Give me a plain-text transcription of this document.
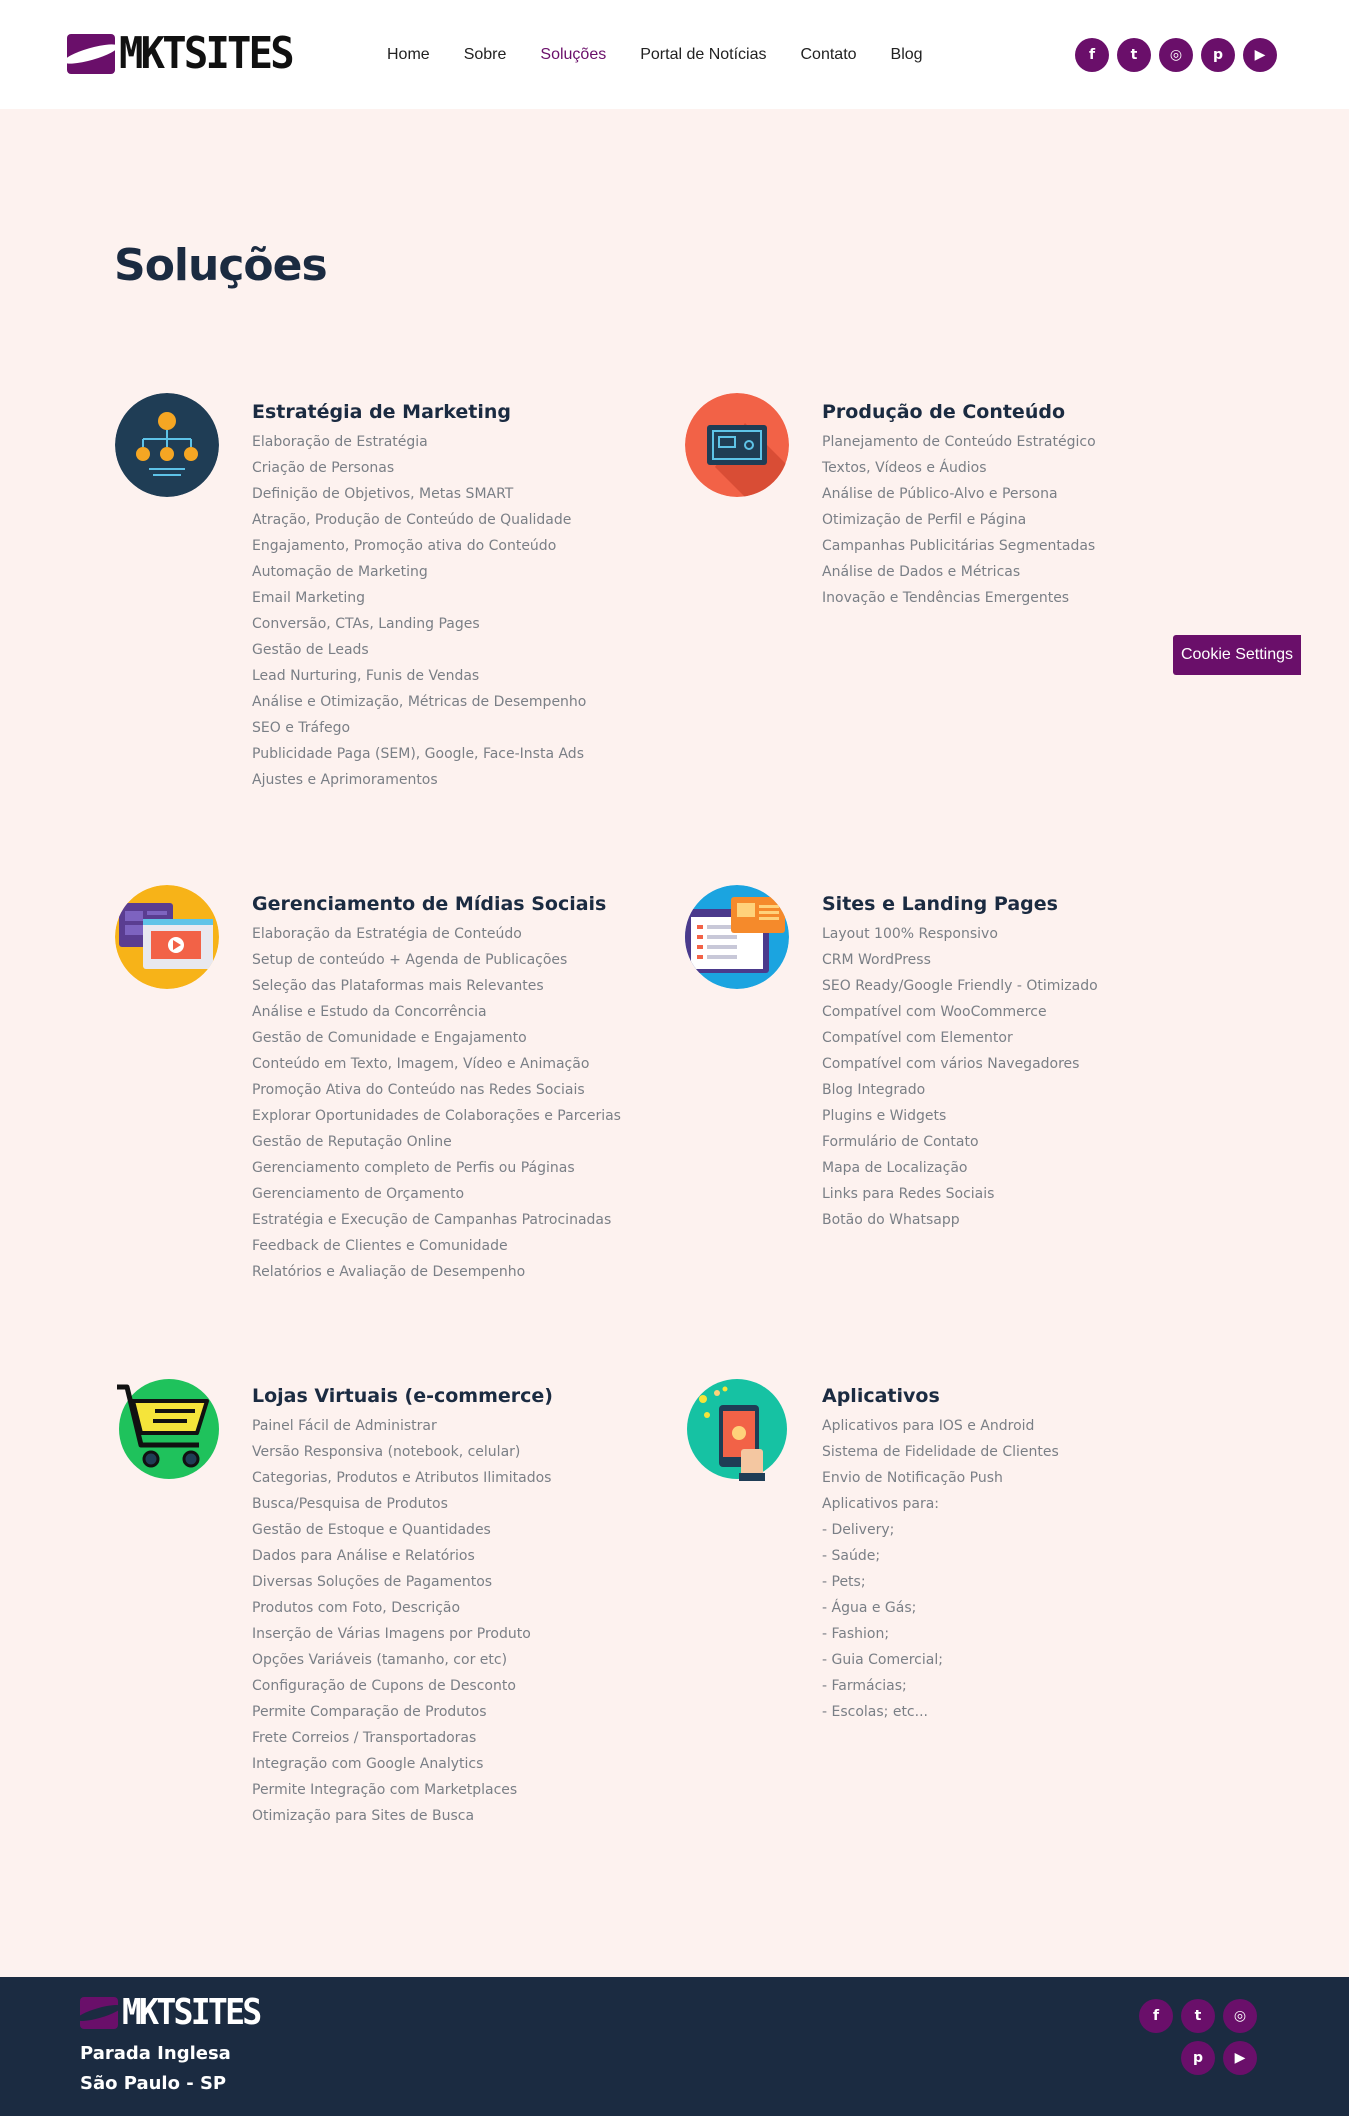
MKTSITES	Home Sobre Soluções Portal de Notícias Contato Blog	f	t	◎	p	▶
Soluções
Estratégia de Marketing
Elaboração de Estratégia
Criação de Personas
Definição de Objetivos, Metas SMART
Atração, Produção de Conteúdo de Qualidade
Engajamento, Promoção ativa do Conteúdo
Automação de Marketing
Email Marketing
Conversão, CTAs, Landing Pages
Gestão de Leads
Lead Nurturing, Funis de Vendas
Análise e Otimização, Métricas de Desempenho
SEO e Tráfego
Publicidade Paga (SEM), Google, Face-Insta Ads
Ajustes e Aprimoramentos
Produção de Conteúdo
Planejamento de Conteúdo Estratégico
Textos, Vídeos e Áudios
Análise de Público-Alvo e Persona
Otimização de Perfil e Página
Campanhas Publicitárias Segmentadas
Análise de Dados e Métricas
Inovação e Tendências Emergentes
Gerenciamento de Mídias Sociais
Elaboração da Estratégia de Conteúdo
Setup de conteúdo + Agenda de Publicações
Seleção das Plataformas mais Relevantes
Análise e Estudo da Concorrência
Gestão de Comunidade e Engajamento
Conteúdo em Texto, Imagem, Vídeo e Animação
Promoção Ativa do Conteúdo nas Redes Sociais
Explorar Oportunidades de Colaborações e Parcerias
Gestão de Reputação Online
Gerenciamento completo de Perfis ou Páginas
Gerenciamento de Orçamento
Estratégia e Execução de Campanhas Patrocinadas
Feedback de Clientes e Comunidade
Relatórios e Avaliação de Desempenho
Sites e Landing Pages
Layout 100% Responsivo
CRM WordPress
SEO Ready/Google Friendly - Otimizado
Compatível com WooCommerce
Compatível com Elementor
Compatível com vários Navegadores
Blog Integrado
Plugins e Widgets
Formulário de Contato
Mapa de Localização
Links para Redes Sociais
Botão do Whatsapp
Lojas Virtuais (e-commerce)
Painel Fácil de Administrar
Versão Responsiva (notebook, celular)
Categorias, Produtos e Atributos Ilimitados
Busca/Pesquisa de Produtos
Gestão de Estoque e Quantidades
Dados para Análise e Relatórios
Diversas Soluções de Pagamentos
Produtos com Foto, Descrição
Inserção de Várias Imagens por Produto
Opções Variáveis (tamanho, cor etc)
Configuração de Cupons de Desconto
Permite Comparação de Produtos
Frete Correios / Transportadoras
Integração com Google Analytics
Permite Integração com Marketplaces
Otimização para Sites de Busca
Aplicativos
Aplicativos para IOS e Android
Sistema de Fidelidade de Clientes
Envio de Notificação Push
Aplicativos para:
- Delivery;
- Saúde;
- Pets;
- Água e Gás;
- Fashion;
- Guia Comercial;
- Farmácias;
- Escolas; etc...
Cookie Settings
MKTSITES
Parada Inglesa
São Paulo - SP
f	t	◎
p	▶
